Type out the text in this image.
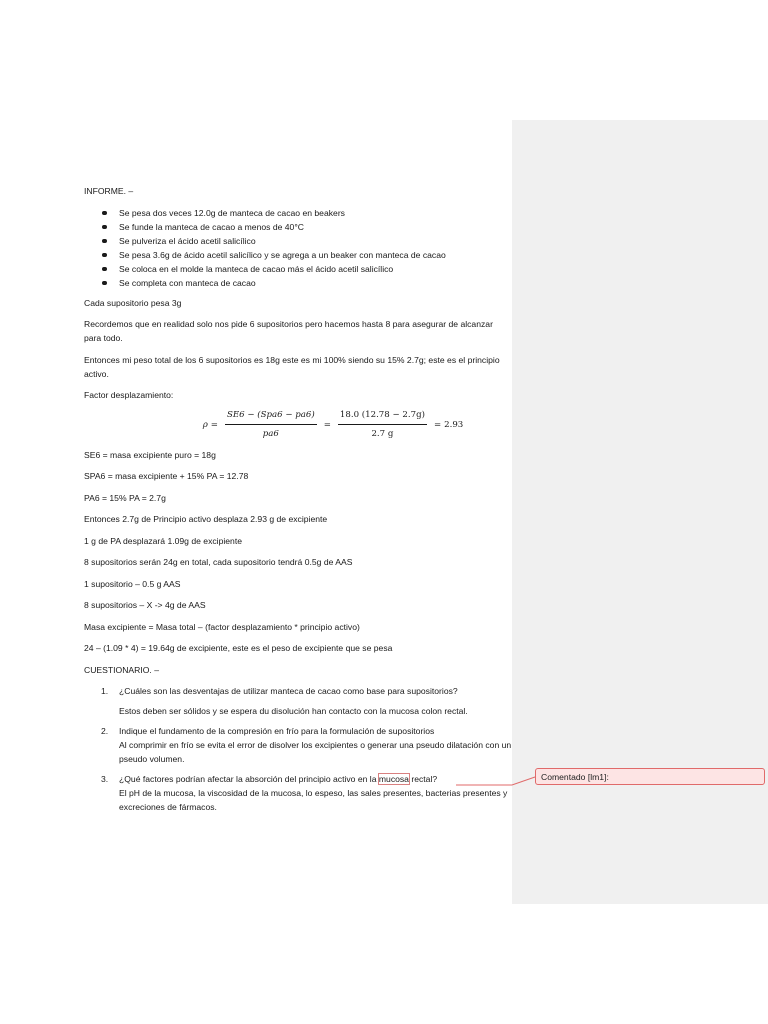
INFORME. –

Se pesa dos veces 12.0g de manteca de cacao en beakers
Se funde la manteca de cacao a menos de 40°C
Se pulveriza el ácido acetil salicílico
Se pesa 3.6g de ácido acetil salicílico y se agrega a un beaker con manteca de cacao
Se coloca en el molde la manteca de cacao más el ácido acetil salicílico
Se completa con manteca de cacao

Cada supositorio pesa 3g

Recordemos que en realidad solo nos pide 6 supositorios pero hacemos hasta 8 para asegurar de alcanzar para todo.

Entonces mi peso total de los 6 supositorios es 18g este es mi 100% siendo su 15% 2.7g; este es el principio activo.

Factor desplazamiento:

$\rho = \frac{\text{SE6 − (Spa6 − pa6)}}{pa6} = \frac{18.0 (12.78 - 2.7g)}{2.7 g} = 2.93$

SE6 = masa excipiente puro = 18g

SPA6 = masa excipiente + 15% PA = 12.78

PA6 = 15% PA = 2.7g

Entonces 2.7g de Principio activo desplaza 2.93 g de excipiente

1 g de PA desplazará 1.09g de excipiente

8 supositorios serán 24g en total, cada supositorio tendrá 0.5g de AAS

1 supositorio – 0.5 g AAS

8 supositorios – X -> 4g de AAS

Masa excipiente = Masa total – (factor desplazamiento * principio activo)

24 – (1.09 * 4) = 19.64g de excipiente, este es el peso de excipiente que se pesa

CUESTIONARIO. –

1. ¿Cuáles son las desventajas de utilizar manteca de cacao como base para supositorios?
Estos deben ser sólidos y se espera du disolución han contacto con la mucosa colon rectal.
2. Indique el fundamento de la compresión en frío para la formulación de supositorios
Al comprimir en frío se evita el error de disolver los excipientes o generar una pseudo dilatación con un pseudo volumen.
3. ¿Qué factores podrían afectar la absorción del principio activo en la mucosa rectal?
El pH de la mucosa, la viscosidad de la mucosa, lo espeso, las sales presentes, bacterias presentes y excreciones de fármacos.
Comentado [lm1]:
